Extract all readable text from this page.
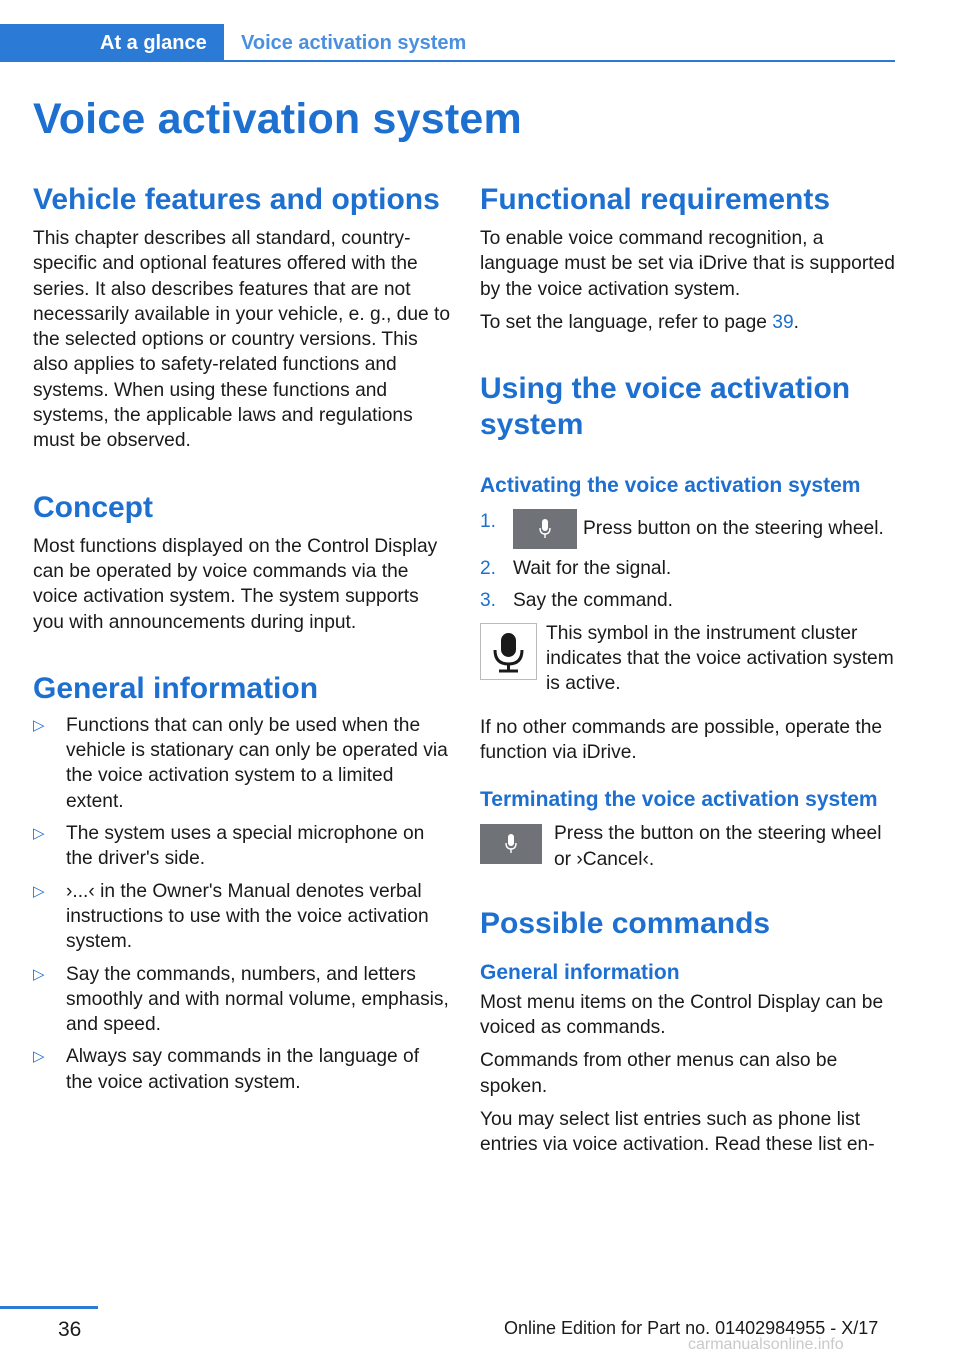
At a glance Voice activation system
Voice activation system
Vehicle features and options

This chapter describes all standard, country-specific and optional features offered with the series. It also describes features that are not necessarily available in your vehicle, e. g., due to the selected options or country versions. This also applies to safety-related functions and systems. When using these functions and systems, the applicable laws and regulations must be observed.

Concept

Most functions displayed on the Control Display can be operated by voice commands via the voice activation system. The system supports you with announcements during input.

General information
▷ Functions that can only be used when the vehicle is stationary can only be operated via the voice activation system to a limited extent.
▷ The system uses a special microphone on the driver's side.
▷ ›...‹ in the Owner's Manual denotes verbal instructions to use with the voice activation system.
▷ Say the commands, numbers, and letters smoothly and with normal volume, emphasis, and speed.
▷ Always say commands in the language of the voice activation system.
Functional requirements

To enable voice command recognition, a language must be set via iDrive that is supported by the voice activation system.

To set the language, refer to page 39.

Using the voice activation system
Activating the voice activation system
1.	Press button on the steering wheel.
2. Wait for the signal.
3. Say the command.

This symbol in the instrument cluster indicates that the voice activation system is active.

If no other commands are possible, operate the function via iDrive.

Terminating the voice activation system

Press the button on the steering wheel or ›Cancel‹.

Possible commands
General information

Most menu items on the Control Display can be voiced as commands.

Commands from other menus can also be spoken.

You may select list entries such as phone list entries via voice activation. Read these list en-

36	Online Edition for Part no. 01402984955 - X/17
carmanualsonline.info
